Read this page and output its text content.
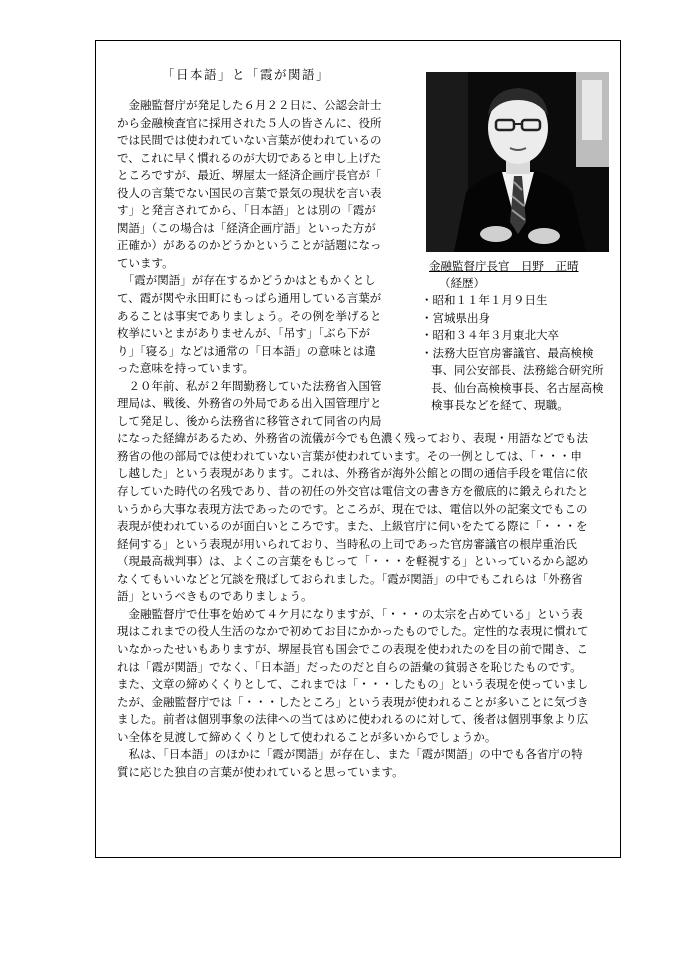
「日本語」と「霞が関語」
金融監督庁長官　日野　正晴
（経歴）
・昭和１１年１月９日生
・宮城県出身
・昭和３４年３月東北大卒
・法務大臣官房審議官、最高検検事、同公安部長、法務総合研究所長、仙台高検検事長、名古屋高検検事長などを経て、現職。
　金融監督庁が発足した６月２２日に、公認会計士
から金融検査官に採用された５人の皆さんに、役所
では民間では使われていない言葉が使われているの
で、これに早く慣れるのが大切であると申し上げた
ところですが、最近、堺屋太一経済企画庁長官が「
役人の言葉でない国民の言葉で景気の現状を言い表
す」と発言されてから、「日本語」とは別の「霞が
関語」（この場合は「経済企画庁語」といった方が
正確か）があるのかどうかということが話題になっ
ています。
　「霞が関語」が存在するかどうかはともかくとし
て、霞が関や永田町にもっぱら通用している言葉が
あることは事実でありましょう。その例を挙げると
枚挙にいとまがありませんが、「吊す」「ぶら下が
り」「寝る」などは通常の「日本語」の意味とは違
った意味を持っています。
　２０年前、私が２年間勤務していた法務省入国管
理局は、戦後、外務省の外局である出入国管理庁と
して発足し、後から法務省に移管されて同省の内局
になった経緯があるため、外務省の流儀が今でも色濃く残っており、表現・用語などでも法
務省の他の部局では使われていない言葉が使われています。その一例としては、「・・・申
し越した」という表現があります。これは、外務省が海外公館との間の通信手段を電信に依
存していた時代の名残であり、昔の初任の外交官は電信文の書き方を徹底的に鍛えられたと
いうから大事な表現方法であったのです。ところが、現在では、電信以外の記案文でもこの
表現が使われているのが面白いところです。また、上級官庁に伺いをたてる際に「・・・を
経伺する」という表現が用いられており、当時私の上司であった官房審議官の根岸重治氏
（現最高裁判事）は、よくこの言葉をもじって「・・・を軽視する」といっているから認め
なくてもいいなどと冗談を飛ばしておられました。「霞が関語」の中でもこれらは「外務省
語」というべきものでありましょう。
　金融監督庁で仕事を始めて４ケ月になりますが、「・・・の太宗を占めている」という表
現はこれまでの役人生活のなかで初めてお目にかかったものでした。定性的な表現に慣れて
いなかったせいもありますが、堺屋長官も国会でこの表現を使われたのを目の前で聞き、こ
れは「霞が関語」でなく、「日本語」だったのだと自らの語彙の貧弱さを恥じたものです。
また、文章の締めくくりとして、これまでは「・・・したもの」という表現を使っていまし
たが、金融監督庁では「・・・したところ」という表現が使われることが多いことに気づき
ました。前者は個別事象の法律への当てはめに使われるのに対して、後者は個別事象より広
い全体を見渡して締めくくりとして使われることが多いからでしょうか。
　私は、「日本語」のほかに「霞が関語」が存在し、また「霞が関語」の中でも各省庁の特
質に応じた独自の言葉が使われていると思っています。
